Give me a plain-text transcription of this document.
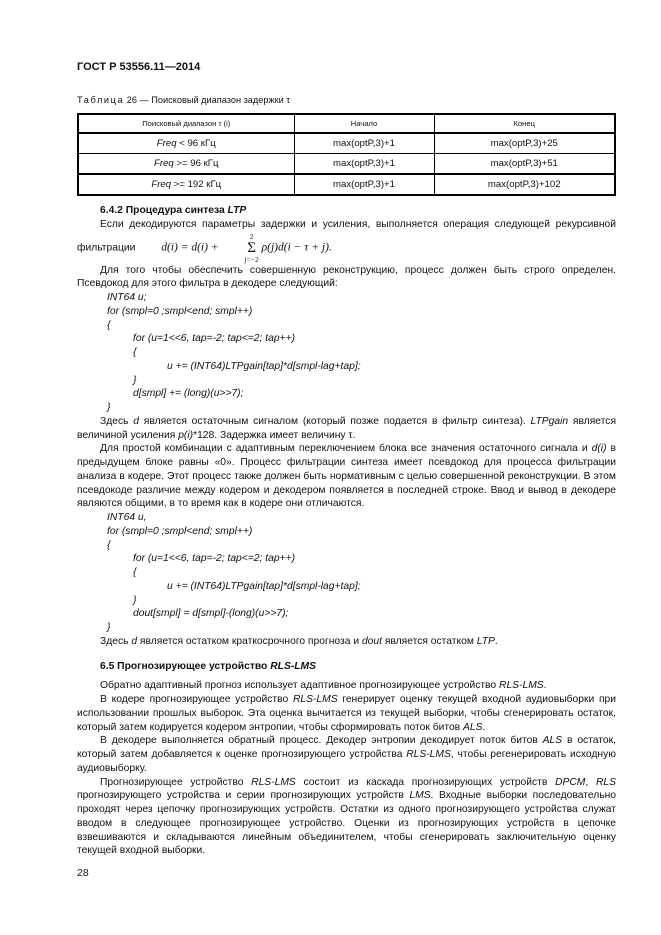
ГОСТ Р 53556.11—2014
Таблица 26 — Поисковый диапазон задержки τ
Поисковый диапазон τ (i)	Начало	Конец
Freq < 96 кГц	max(optP,3)+1	max(optP,3)+25
Freq >= 96 кГц	max(optP,3)+1	max(optP,3)+51
Freq >= 192 кГц	max(optP,3)+1	max(optP,3)+102

6.4.2 Процедура синтеза LTP

Если декодируются параметры задержки и усиления, выполняется операция следующей рекурсивной фильтрации d(i) = d(i) +
2
Σ
j=−2
ρ(j)d(i − τ + j).

Для того чтобы обеспечить совершенную реконструкцию, процесс должен быть строго определен. Псевдокод для этого фильтра в декодере следующий:

INT64 u;
for (smpl=0 ;smpl<end; smpl++)
{
for (u=1<<6, tap=-2; tap<=2; tap++)
{
u += (INT64)LTPgain[tap]*d[smpl-lag+tap];
}
d[smpl] += (long)(u>>7);
}

Здесь d является остаточным сигналом (который позже подается в фильтр синтеза). LTPgain является величиной усиления p(i)*128. Задержка имеет величину τ.

Для простой комбинации с адаптивным переключением блока все значения остаточного сигнала и d(i) в предыдущем блоке равны «0». Процесс фильтрации синтеза имеет псевдокод для процесса фильтрации анализа в кодере. Этот процесс также должен быть нормативным с целью совершенной реконструкции. В этом псевдокоде различие между кодером и декодером появляется в последней строке. Ввод и вывод в декодере являются общими, в то время как в кодере они отличаются.

INT64 u,
for (smpl=0 ;smpl<end; smpl++)
{
for (u=1<<6, tap=-2; tap<=2; tap++)
{
u += (INT64)LTPgain[tap]*d[smpl-lag+tap];
}
dout[smpl] = d[smpl]-(long)(u>>7);
}

Здесь d является остатком краткосрочного прогноза и dout является остатком LTP.

6.5 Прогнозирующее устройство RLS-LMS

Обратно адаптивный прогноз использует адаптивное прогнозирующее устройство RLS-LMS.

В кодере прогнозирующее устройство RLS-LMS генерирует оценку текущей входной аудиовыборки при использовании прошлых выборок. Эта оценка вычитается из текущей выборки, чтобы сгенерировать остаток, который затем кодируется кодером энтропии, чтобы сформировать поток битов ALS.

В декодере выполняется обратный процесс. Декодер энтропии декодирует поток битов ALS в остаток, который затем добавляется к оценке прогнозирующего устройства RLS-LMS, чтобы регенерировать исходную аудиовыборку.

Прогнозирующее устройство RLS-LMS состоит из каскада прогнозирующих устройств DPCM, RLS прогнозирующего устройства и серии прогнозирующих устройств LMS. Входные выборки последовательно проходят через цепочку прогнозирующих устройств. Остатки из одного прогнозирующего устройства служат вводом в следующее прогнозирующее устройство. Оценки из прогнозирующих устройств в цепочке взвешиваются и складываются линейным объединителем, чтобы сгенерировать заключительную оценку текущей входной выборки.

28
